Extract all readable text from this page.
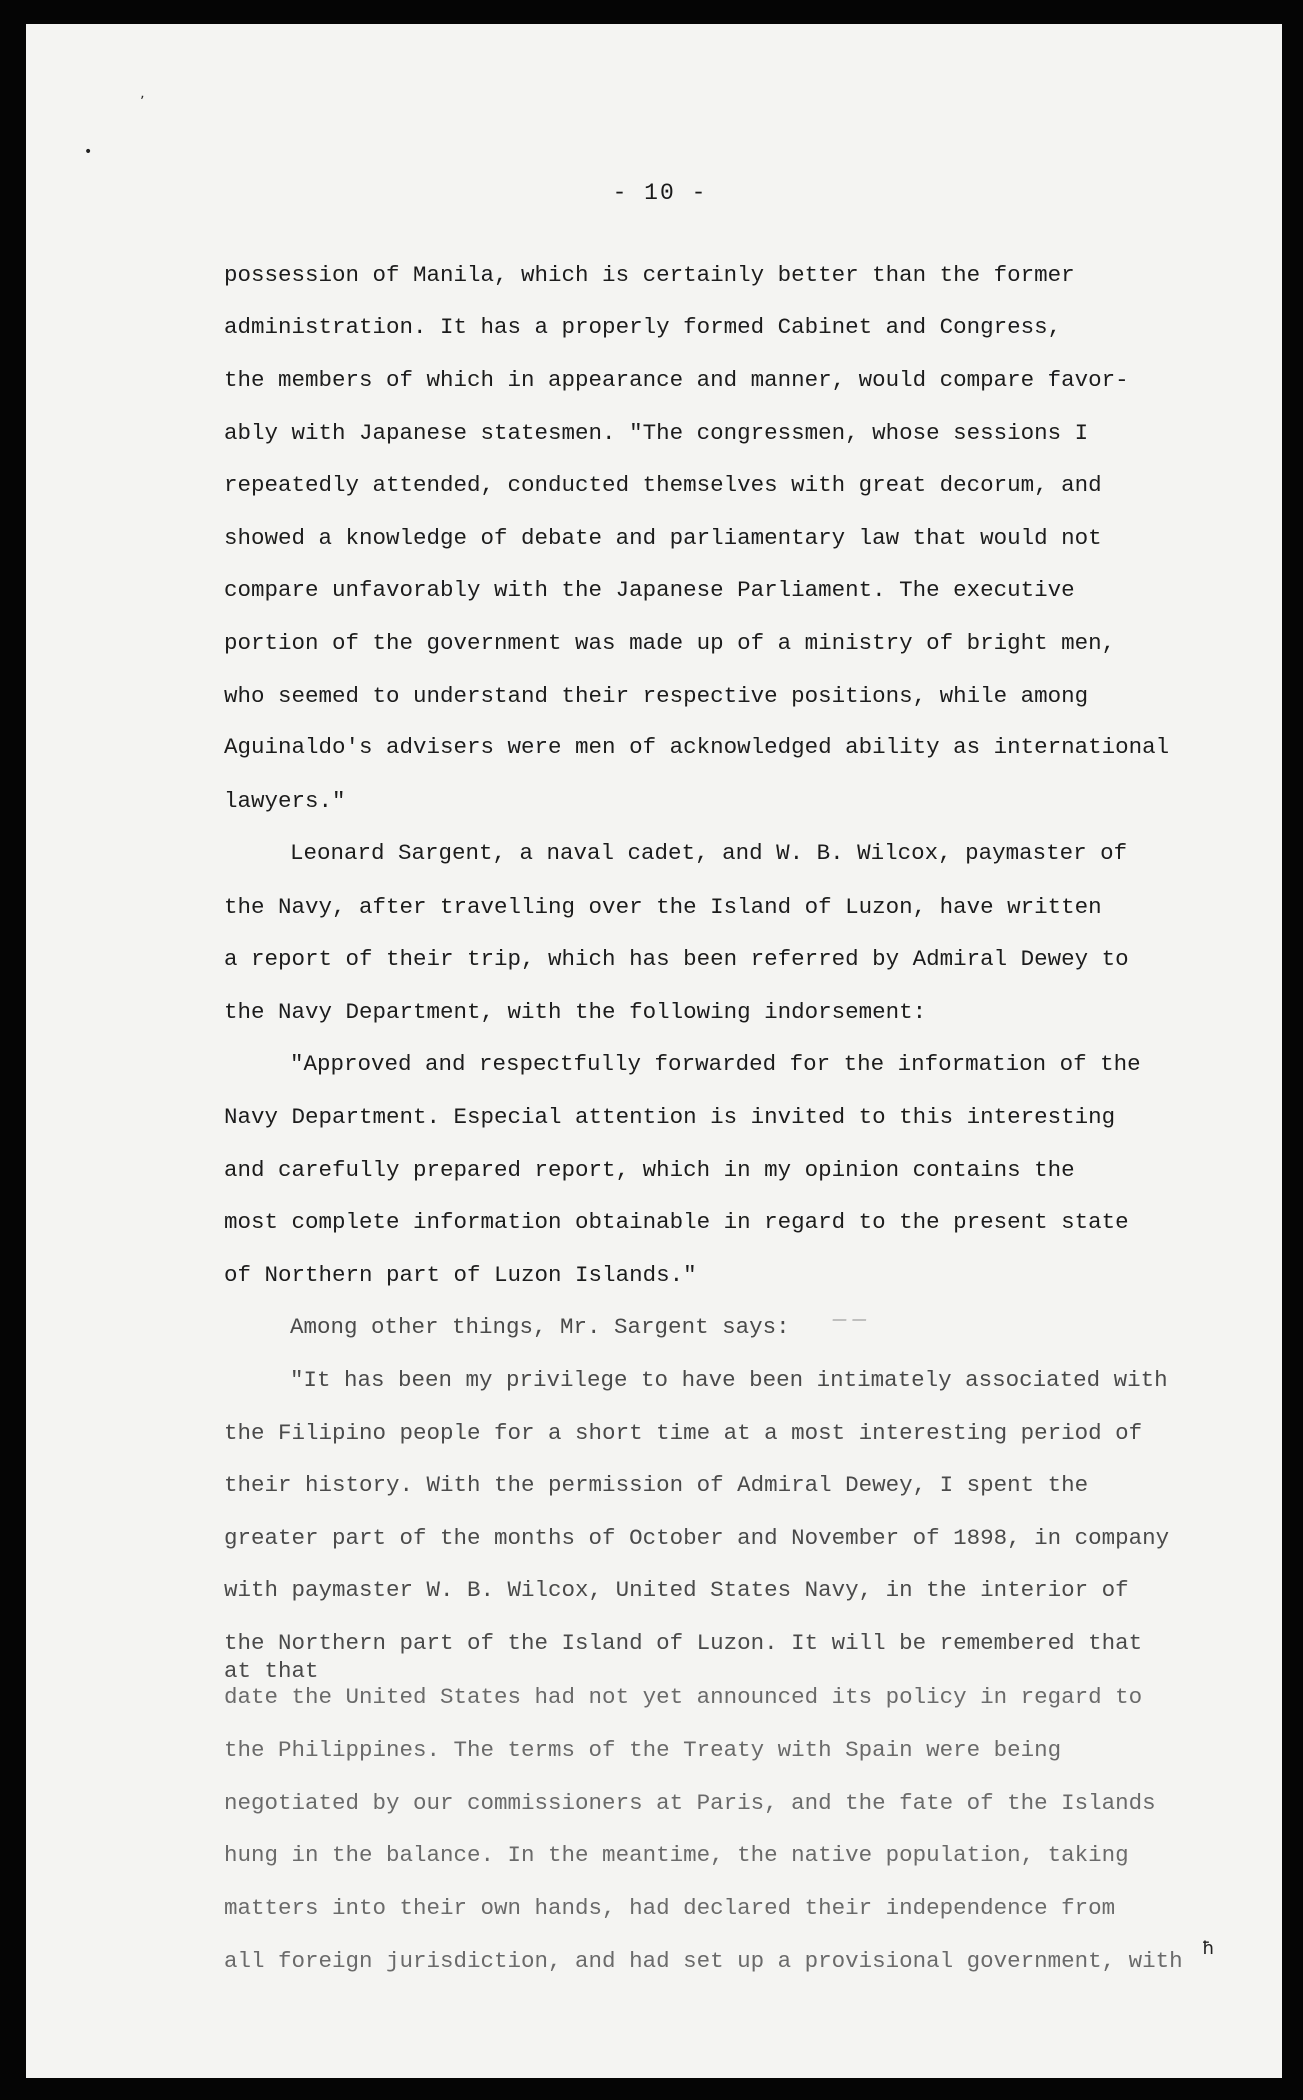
ʼ
•
ħ
- 10 -
possession of Manila, which is certainly better than the former
administration. It has a properly formed Cabinet and Congress,
the members of which in appearance and manner, would compare favor-
ably with Japanese statesmen. "The congressmen, whose sessions I
repeatedly attended, conducted themselves with great decorum, and
showed a knowledge of debate and parliamentary law that would not
compare unfavorably with the Japanese Parliament. The executive
portion of the government was made up of a ministry of bright men,
who seemed to understand their respective positions, while among
Aguinaldo's advisers were men of acknowledged ability as international
lawyers."
Leonard Sargent, a naval cadet, and W. B. Wilcox, paymaster of
the Navy, after travelling over the Island of Luzon, have written
a report of their trip, which has been referred by Admiral Dewey to
the Navy Department, with the following indorsement:
"Approved and respectfully forwarded for the information of the
Navy Department. Especial attention is invited to this interesting
and carefully prepared report, which in my opinion contains the
most complete information obtainable in regard to the present state
of Northern part of Luzon Islands."
Among other things, Mr. Sargent says:	— —
"It has been my privilege to have been intimately associated with
the Filipino people for a short time at a most interesting period of
their history. With the permission of Admiral Dewey, I spent the
greater part of the months of October and November of 1898, in company
with paymaster W. B. Wilcox, United States Navy, in the interior of
the Northern part of the Island of Luzon. It will be remembered that
at that
date the United States had not yet announced its policy in regard to
the Philippines. The terms of the Treaty with Spain were being
negotiated by our commissioners at Paris, and the fate of the Islands
hung in the balance. In the meantime, the native population, taking
matters into their own hands, had declared their independence from
all foreign jurisdiction, and had set up a provisional government, with
